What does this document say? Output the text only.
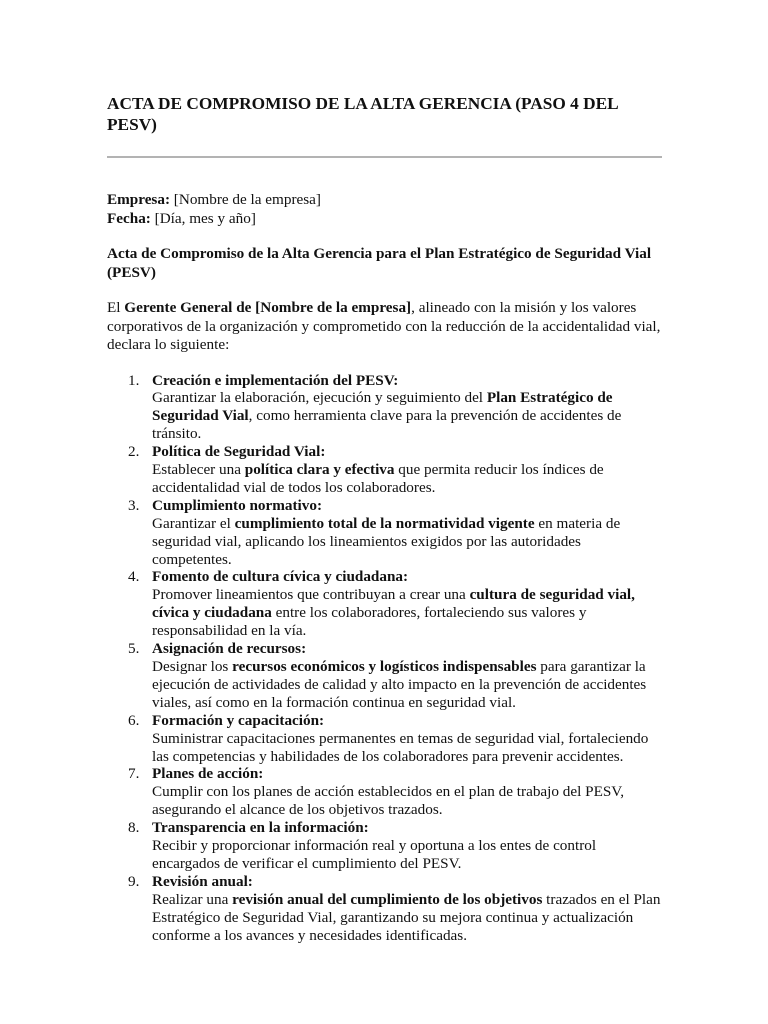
ACTA DE COMPROMISO DE LA ALTA GERENCIA (PASO 4 DEL PESV)
Empresa: [Nombre de la empresa]
Fecha: [Día, mes y año]
Acta de Compromiso de la Alta Gerencia para el Plan Estratégico de Seguridad Vial (PESV)

El Gerente General de [Nombre de la empresa], alineado con la misión y los valores corporativos de la organización y comprometido con la reducción de la accidentalidad vial, declara lo siguiente:

1. Creación e implementación del PESV:
Garantizar la elaboración, ejecución y seguimiento del Plan Estratégico de Seguridad Vial, como herramienta clave para la prevención de accidentes de tránsito.
2. Política de Seguridad Vial:
Establecer una política clara y efectiva que permita reducir los índices de accidentalidad vial de todos los colaboradores.
3. Cumplimiento normativo:
Garantizar el cumplimiento total de la normatividad vigente en materia de seguridad vial, aplicando los lineamientos exigidos por las autoridades competentes.
4. Fomento de cultura cívica y ciudadana:
Promover lineamientos que contribuyan a crear una cultura de seguridad vial, cívica y ciudadana entre los colaboradores, fortaleciendo sus valores y responsabilidad en la vía.
5. Asignación de recursos:
Designar los recursos económicos y logísticos indispensables para garantizar la ejecución de actividades de calidad y alto impacto en la prevención de accidentes viales, así como en la formación continua en seguridad vial.
6. Formación y capacitación:
Suministrar capacitaciones permanentes en temas de seguridad vial, fortaleciendo las competencias y habilidades de los colaboradores para prevenir accidentes.
7. Planes de acción:
Cumplir con los planes de acción establecidos en el plan de trabajo del PESV, asegurando el alcance de los objetivos trazados.
8. Transparencia en la información:
Recibir y proporcionar información real y oportuna a los entes de control encargados de verificar el cumplimiento del PESV.
9. Revisión anual:
Realizar una revisión anual del cumplimiento de los objetivos trazados en el Plan Estratégico de Seguridad Vial, garantizando su mejora continua y actualización conforme a los avances y necesidades identificadas.
